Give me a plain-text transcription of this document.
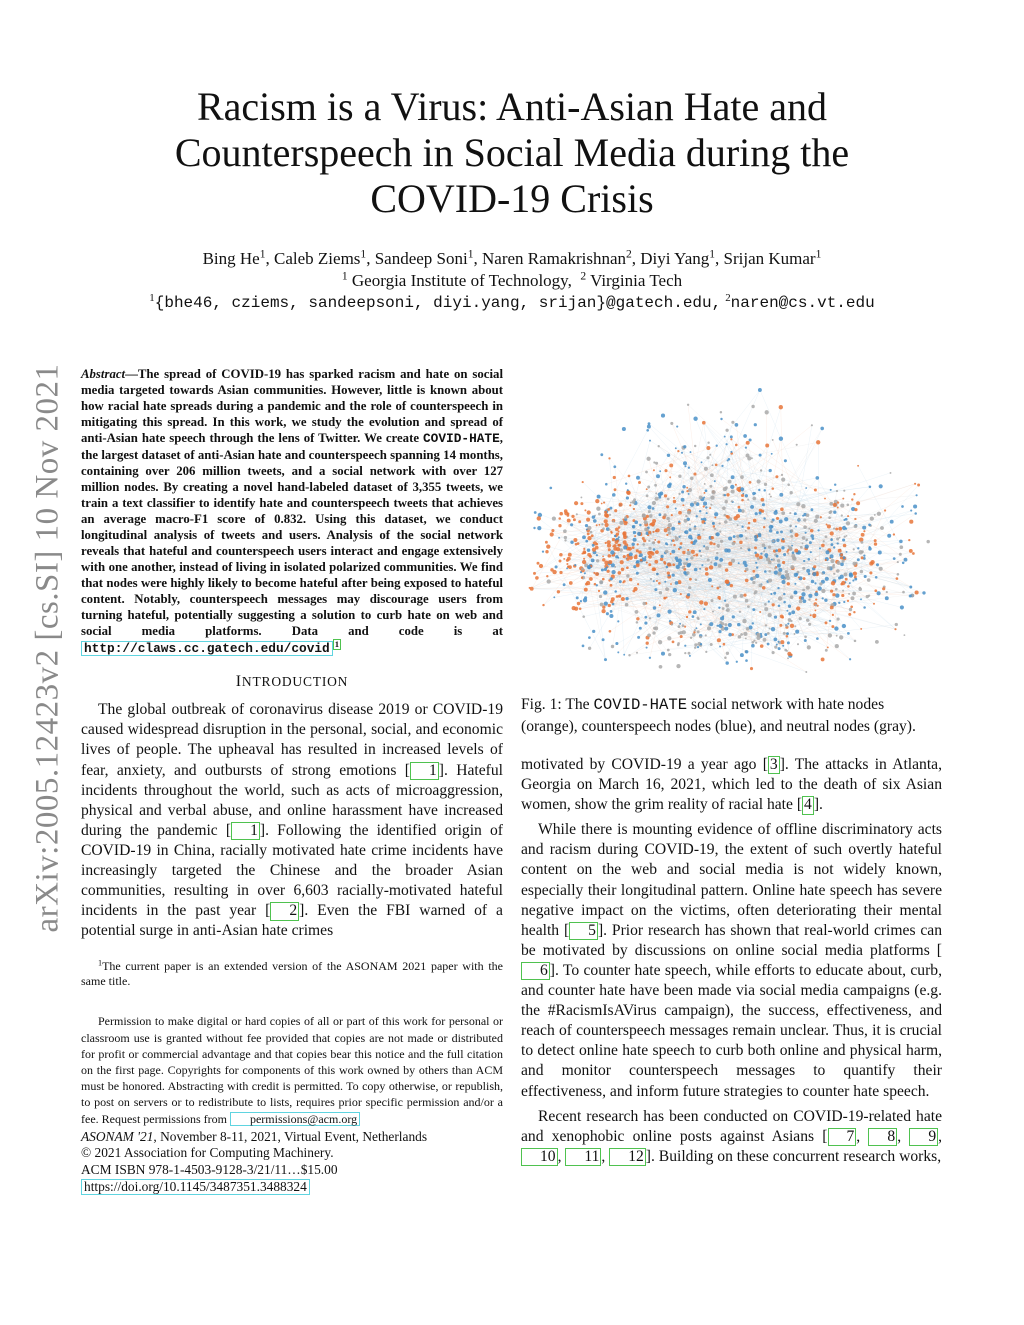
arXiv:2005.12423v2 [cs.SI] 10 Nov 2021
Racism is a Virus: Anti-Asian Hate and
Counterspeech in Social Media during the
COVID-19 Crisis
Bing He$^1$, Caleb Ziems$^1$, Sandeep Soni$^1$, Naren Ramakrishnan$^2$, Diyi Yang$^1$, Srijan Kumar$^1$
$^1$ Georgia Institute of Technology, $^2$ Virginia Tech
$^1${bhe46, cziems, sandeepsoni, diyi.yang, srijan}@gatech.edu, $^2$naren@cs.vt.edu
Abstract—The spread of COVID-19 has sparked racism and hate on social media targeted towards Asian communities. However, little is known about how racial hate spreads during a pandemic and the role of counterspeech in mitigating this spread. In this work, we study the evolution and spread of anti-Asian hate speech through the lens of Twitter. We create COVID-HATE, the largest dataset of anti-Asian hate and counterspeech spanning 14 months, containing over 206 million tweets, and a social network with over 127 million nodes. By creating a novel hand-labeled dataset of 3,355 tweets, we train a text classifier to identify hate and counterspeech tweets that achieves an average macro-F1 score of 0.832. Using this dataset, we conduct longitudinal analysis of tweets and users. Analysis of the social network reveals that hateful and counterspeech users interact and engage extensively with one another, instead of living in isolated polarized communities. We find that nodes were highly likely to become hateful after being exposed to hateful content. Notably, counterspeech messages may discourage users from turning hateful, potentially suggesting a solution to curb hate on web and social media platforms. Data and code is at http://claws.cc.gatech.edu/covid $^1$
INTRODUCTION

The global outbreak of coronavirus disease 2019 or COVID-19 caused widespread disruption in the personal, social, and economic lives of people. The upheaval has resulted in increased levels of fear, anxiety, and outbursts of strong emotions [ 1 ]. Hateful incidents throughout the world, such as acts of microaggression, physical and verbal abuse, and online harassment have increased during the pandemic [ 1 ]. Following the identified origin of COVID-19 in China, racially motivated hate crime incidents have increasingly targeted the Chinese and the broader Asian communities, resulting in over 6,603 racially-motivated hateful incidents in the past year [ 2 ]. Even the FBI warned of a potential surge in anti-Asian hate crimes

$^1$The current paper is an extended version of the ASONAM 2021 paper with the same title.

Permission to make digital or hard copies of all or part of this work for personal or classroom use is granted without fee provided that copies are not made or distributed for profit or commercial advantage and that copies bear this notice and the full citation on the first page. Copyrights for components of this work owned by others than ACM must be honored. Abstracting with credit is permitted. To copy otherwise, or republish, to post on servers or to redistribute to lists, requires prior specific permission and/or a fee. Request permissions from permissions@acm.org

ASONAM '21, November 8-11, 2021, Virtual Event, Netherlands
© 2021 Association for Computing Machinery.
ACM ISBN 978-1-4503-9128-3/21/11…$15.00
https://doi.org/10.1145/3487351.3488324
Fig. 1: The COVID-HATE social network with hate nodes (orange), counterspeech nodes (blue), and neutral nodes (gray).

motivated by COVID-19 a year ago [ 3 ]. The attacks in Atlanta, Georgia on March 16, 2021, which led to the death of six Asian women, show the grim reality of racial hate [ 4 ].

While there is mounting evidence of offline discriminatory acts and racism during COVID-19, the extent of such overtly hateful content on the web and social media is not widely known, especially their longitudinal pattern. Online hate speech has severe negative impact on the victims, often deteriorating their mental health [ 5 ]. Prior research has shown that real-world crimes can be motivated by discussions on online social media platforms [6 ]. To counter hate speech, while efforts to educate about, curb, and counter hate have been made via social media campaigns (e.g. the #RacismIsAVirus campaign), the success, effectiveness, and reach of counterspeech messages remain unclear. Thus, it is crucial to detect online hate speech to curb both online and physical harm, and monitor counterspeech messages to quantify their effectiveness, and inform future strategies to counter hate speech.

Recent research has been conducted on COVID-19-related hate and xenophobic online posts against Asians [ 7 , 8 , 9 , 10 , 11 , 12 ]. Building on these concurrent research works,
